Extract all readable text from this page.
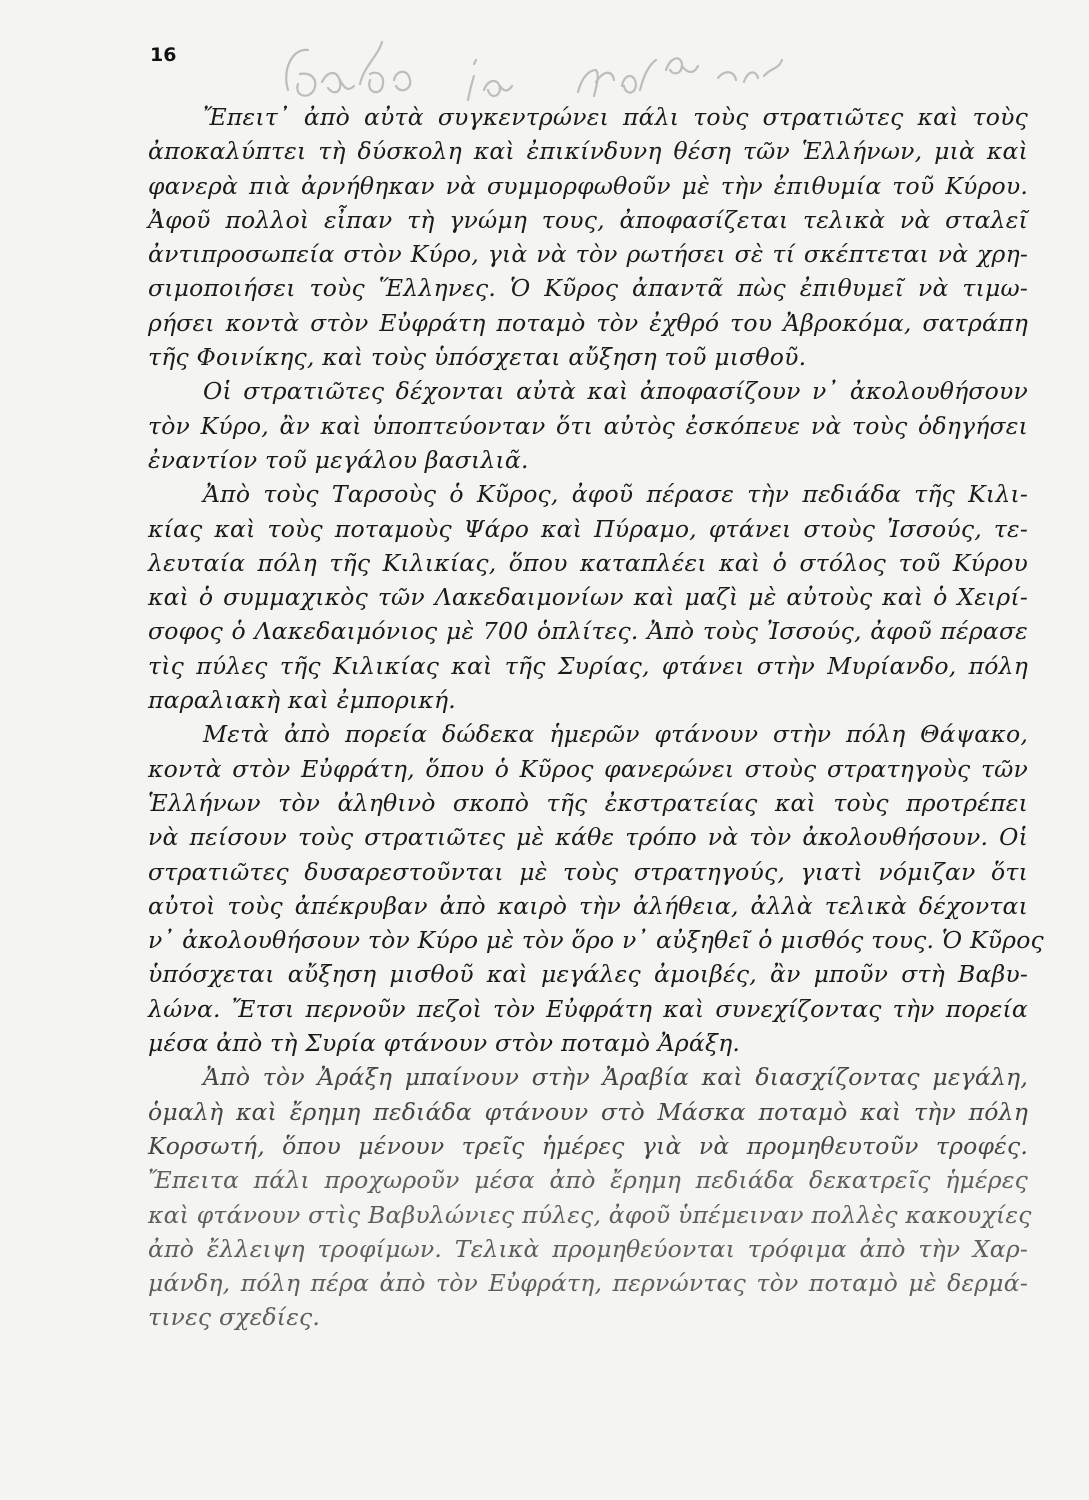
16
Ἔπειτ᾽ ἀπὸ αὐτὰ συγκεντρώνει πάλι τοὺς στρατιῶτες καὶ τοὺς
ἀποκαλύπτει τὴ δύσκολη καὶ ἐπικίνδυνη θέση τῶν Ἑλλήνων, μιὰ καὶ
φανερὰ πιὰ ἀρνήθηκαν νὰ συμμορφωθοῦν μὲ τὴν ἐπιθυμία τοῦ Κύρου.
Ἀφοῦ πολλοὶ εἶπαν τὴ γνώμη τους, ἀποφασίζεται τελικὰ νὰ σταλεῖ
ἀντιπροσωπεία στὸν Κύρο, γιὰ νὰ τὸν ρωτήσει σὲ τί σκέπτεται νὰ χρη-
σιμοποιήσει τοὺς Ἕλληνες. Ὁ Κῦρος ἀπαντᾶ πὼς ἐπιθυμεῖ νὰ τιμω-
ρήσει κοντὰ στὸν Εὐφράτη ποταμὸ τὸν ἐχθρό του Ἀβροκόμα, σατράπη
τῆς Φοινίκης, καὶ τοὺς ὑπόσχεται αὔξηση τοῦ μισθοῦ.
Οἱ στρατιῶτες δέχονται αὐτὰ καὶ ἀποφασίζουν ν᾽ ἀκολουθήσουν
τὸν Κύρο, ἂν καὶ ὑποπτεύονταν ὅτι αὐτὸς ἐσκόπευε νὰ τοὺς ὁδηγήσει
ἐναντίον τοῦ μεγάλου βασιλιᾶ.
Ἀπὸ τοὺς Ταρσοὺς ὁ Κῦρος, ἀφοῦ πέρασε τὴν πεδιάδα τῆς Κιλι-
κίας καὶ τοὺς ποταμοὺς Ψάρο καὶ Πύραμο, φτάνει στοὺς Ἰσσούς, τε-
λευταία πόλη τῆς Κιλικίας, ὅπου καταπλέει καὶ ὁ στόλος τοῦ Κύρου
καὶ ὁ συμμαχικὸς τῶν Λακεδαιμονίων καὶ μαζὶ μὲ αὐτοὺς καὶ ὁ Χειρί-
σοφος ὁ Λακεδαιμόνιος μὲ 700 ὁπλίτες. Ἀπὸ τοὺς Ἰσσούς, ἀφοῦ πέρασε
τὶς πύλες τῆς Κιλικίας καὶ τῆς Συρίας, φτάνει στὴν Μυρίανδο, πόλη
παραλιακὴ καὶ ἐμπορική.
Μετὰ ἀπὸ πορεία δώδεκα ἡμερῶν φτάνουν στὴν πόλη Θάψακο,
κοντὰ στὸν Εὐφράτη, ὅπου ὁ Κῦρος φανερώνει στοὺς στρατηγοὺς τῶν
Ἑλλήνων τὸν ἀληθινὸ σκοπὸ τῆς ἐκστρατείας καὶ τοὺς προτρέπει
νὰ πείσουν τοὺς στρατιῶτες μὲ κάθε τρόπο νὰ τὸν ἀκολουθήσουν. Οἱ
στρατιῶτες δυσαρεστοῦνται μὲ τοὺς στρατηγούς, γιατὶ νόμιζαν ὅτι
αὐτοὶ τοὺς ἀπέκρυβαν ἀπὸ καιρὸ τὴν ἀλήθεια, ἀλλὰ τελικὰ δέχονται
ν᾽ ἀκολουθήσουν τὸν Κύρο μὲ τὸν ὅρο ν᾽ αὐξηθεῖ ὁ μισθός τους. Ὁ Κῦρος
ὑπόσχεται αὔξηση μισθοῦ καὶ μεγάλες ἀμοιβές, ἂν μποῦν στὴ Βαβυ-
λώνα. Ἔτσι περνοῦν πεζοὶ τὸν Εὐφράτη καὶ συνεχίζοντας τὴν πορεία
μέσα ἀπὸ τὴ Συρία φτάνουν στὸν ποταμὸ Ἀράξη.
Ἀπὸ τὸν Ἀράξη μπαίνουν στὴν Ἀραβία καὶ διασχίζοντας μεγάλη,
ὁμαλὴ καὶ ἔρημη πεδιάδα φτάνουν στὸ Μάσκα ποταμὸ καὶ τὴν πόλη
Κορσωτή, ὅπου μένουν τρεῖς ἡμέρες γιὰ νὰ προμηθευτοῦν τροφές.
Ἔπειτα πάλι προχωροῦν μέσα ἀπὸ ἔρημη πεδιάδα δεκατρεῖς ἡμέρες
καὶ φτάνουν στὶς Βαβυλώνιες πύλες, ἀφοῦ ὑπέμειναν πολλὲς κακουχίες
ἀπὸ ἔλλειψη τροφίμων. Τελικὰ προμηθεύονται τρόφιμα ἀπὸ τὴν Χαρ-
μάνδη, πόλη πέρα ἀπὸ τὸν Εὐφράτη, περνώντας τὸν ποταμὸ μὲ δερμά-
τινες σχεδίες.
